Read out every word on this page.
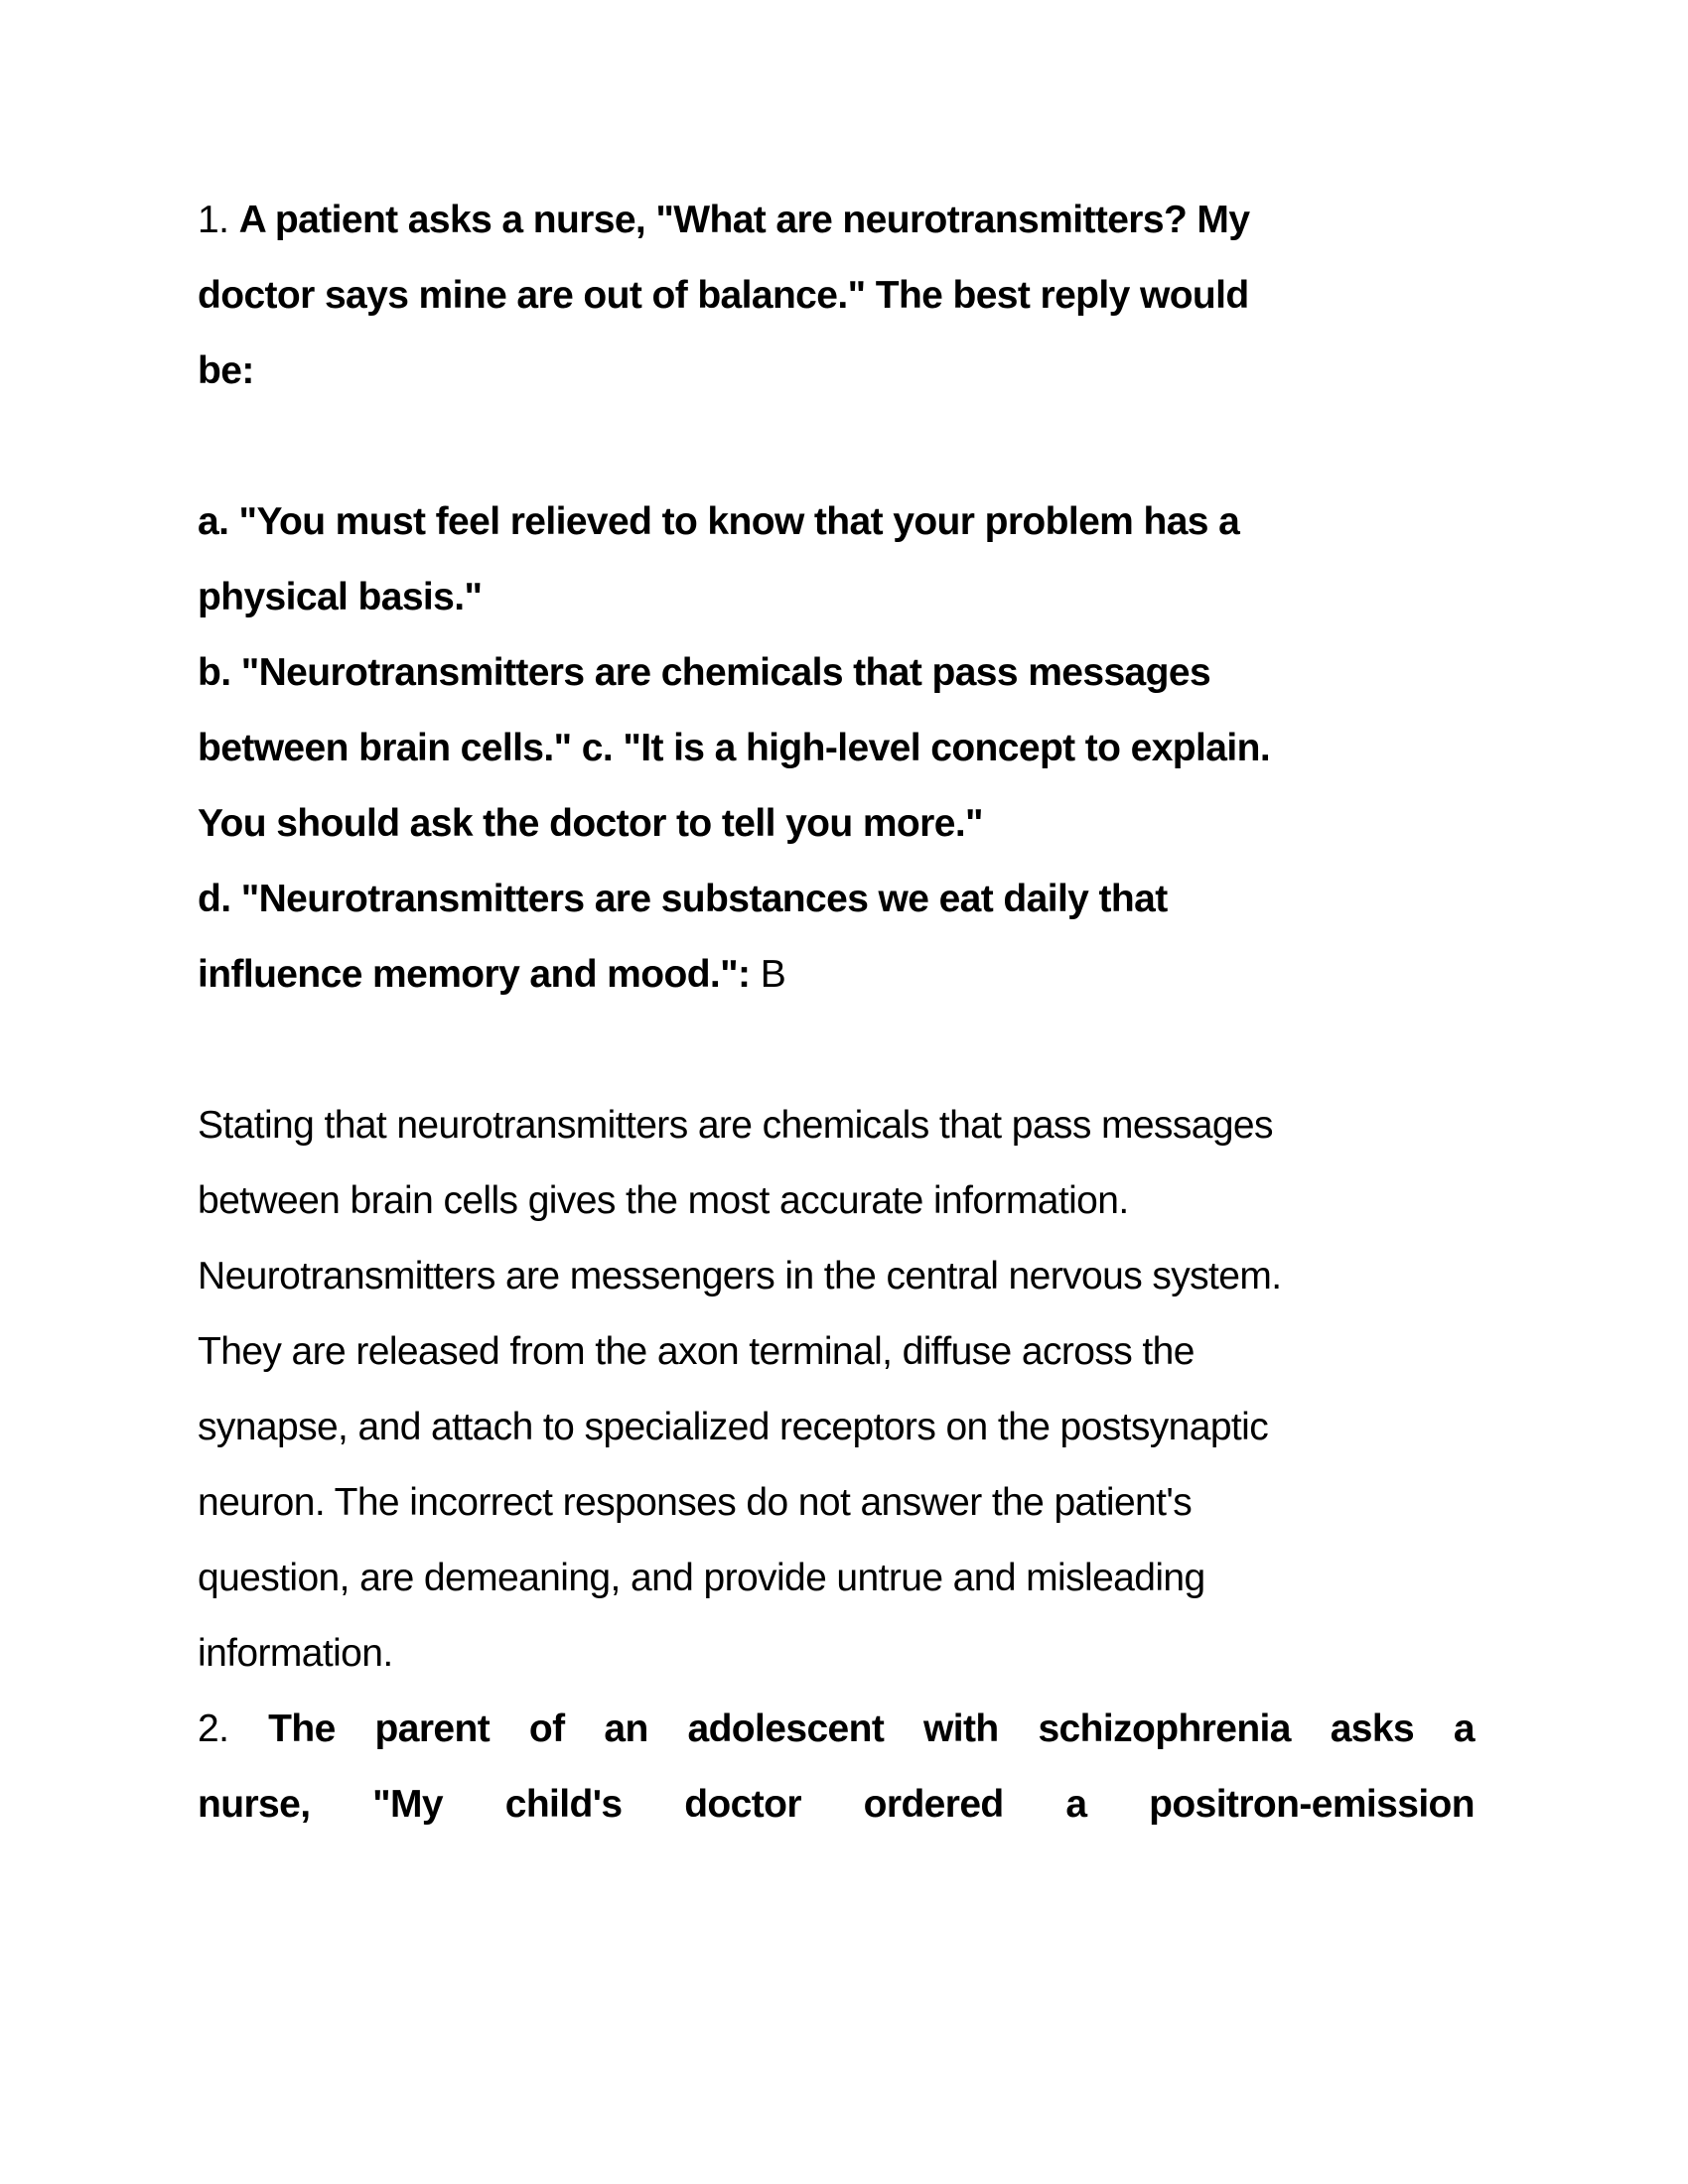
1. A patient asks a nurse, "What are neurotransmitters? My
doctor says mine are out of balance." The best reply would
be:
a. "You must feel relieved to know that your problem has a
physical basis."
b. "Neurotransmitters are chemicals that pass messages
between brain cells." c. "It is a high-level concept to explain.
You should ask the doctor to tell you more."
d. "Neurotransmitters are substances we eat daily that
influence memory and mood.": B
Stating that neurotransmitters are chemicals that pass messages
between brain cells gives the most accurate information.
Neurotransmitters are messengers in the central nervous system.
They are released from the axon terminal, diffuse across the
synapse, and attach to specialized receptors on the postsynaptic
neuron. The incorrect responses do not answer the patient's
question, are demeaning, and provide untrue and misleading
information.
2. The parent of an adolescent with schizophrenia asks a
nurse, "My child's doctor ordered a positron-emission
